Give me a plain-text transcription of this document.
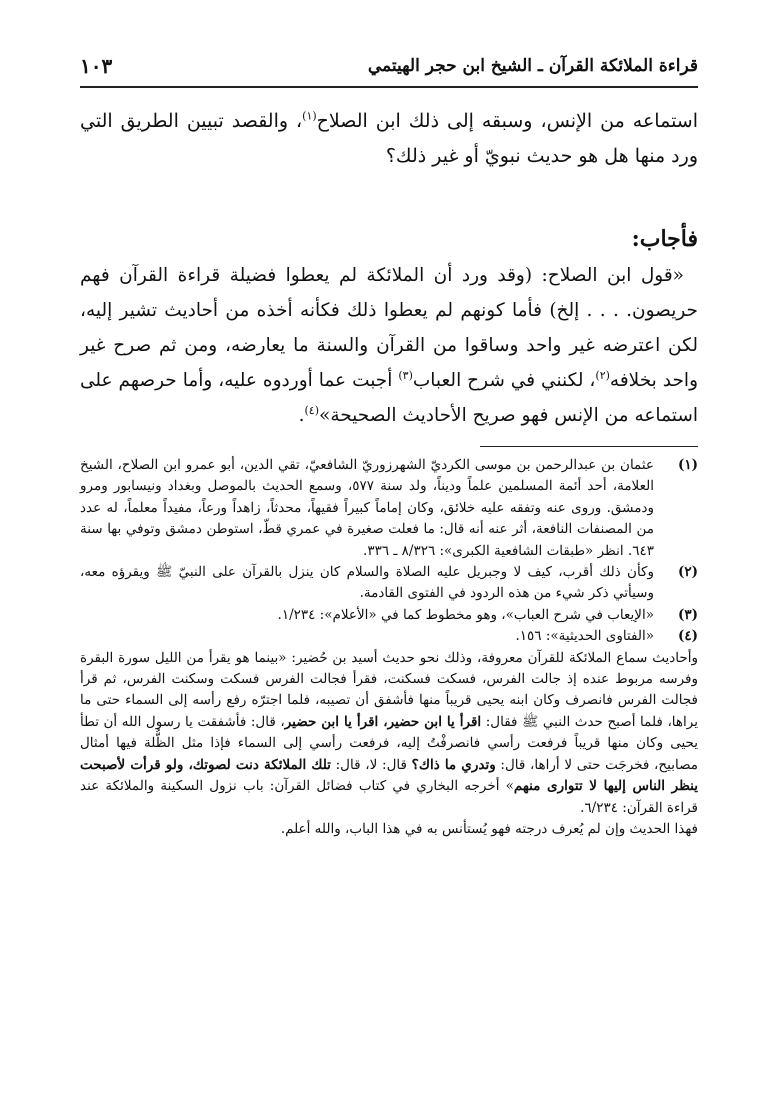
قراءة الملائكة القرآن ـ الشيخ ابن حجر الهيتمي
١٠٣

استماعه من الإنس، وسبقه إلى ذلك ابن الصلاح$^{(١)}$، والقصد تبيين الطريق التي ورد منها هل هو حديث نبويّ أو غير ذلك؟

فأجاب:

«قول ابن الصلاح: (وقد ورد أن الملائكة لم يعطوا فضيلة قراءة القرآن فهم حريصون. . . . إلخ) فأما كونهم لم يعطوا ذلك فكأنه أخذه من أحاديث تشير إليه، لكن اعترضه غير واحد وساقوا من القرآن والسنة ما يعارضه، ومن ثم صرح غير واحد بخلافه$^{(٢)}$، لكنني في شرح العباب$^{(٣)}$ أجبت عما أوردوه عليه، وأما حرصهم على استماعه من الإنس فهو صريح الأحاديث الصحيحة»$^{(٤)}$.

(١)
عثمان بن عبدالرحمن بن موسى الكرديّ الشهرزوريّ الشافعيّ، تقي الدين، أبو عمرو ابن الصلاح، الشيخ العلامة، أحد أئمة المسلمين علماً وديناً، ولد سنة ٥٧٧، وسمع الحديث بالموصل وبغداد ونيسابور ومرو ودمشق. وروى عنه وتفقه عليه خلائق، وكان إماماً كبيراً فقيهاً، محدثاً، زاهداً ورعاً، مفيداً معلماً، له عدد من المصنفات النافعة، أثر عنه أنه قال: ما فعلت صغيرة في عمري قطّ، استوطن دمشق وتوفي بها سنة ٦٤٣. انظر «طبقات الشافعية الكبرى»: ٨/٣٢٦ ـ ٣٣٦.
(٢)
وكأن ذلك أقرب، كيف لا وجبريل عليه الصلاة والسلام كان ينزل بالقرآن على النبيّ ﷺ ويقرؤه معه، وسيأتي ذكر شيء من هذه الردود في الفتوى القادمة.
(٣)
«الإيعاب في شرح العباب»، وهو مخطوط كما في «الأعلام»: ١/٢٣٤.
(٤)
«الفتاوى الحديثية»: ١٥٦.

وأحاديث سماع الملائكة للقرآن معروفة، وذلك نحو حديث أسيد بن حُضير: «بينما هو يقرأ من الليل سورة البقرة وفرسه مربوط عنده إذ جالت الفرس، فسكت فسكنت، فقرأ فجالت الفرس فسكت وسكنت الفرس، ثم قرأ فجالت الفرس فانصرف وكان ابنه يحيى قريباً منها فأشفق أن تصيبه، فلما اجترّه رفع رأسه إلى السماء حتى ما يراها، فلما أصبح حدث النبي ﷺ فقال: اقرأ يا ابن حضير، اقرأ يا ابن حضير، قال: فأشفقت يا رسول الله أن تطأ يحيى وكان منها قريباً فرفعت رأسي فانصرفْتُ إليه، فرفعت رأسي إلى السماء فإذا مثل الظُّلة فيها أمثال مصابيح، فخرجَت حتى لا أراها، قال: وتدري ما ذاك؟ قال: لا، قال: تلك الملائكة دنت لصوتك، ولو قرأت لأصبحت ينظر الناس إليها لا تتوارى منهم» أخرجه البخاري في كتاب فضائل القرآن: باب نزول السكينة والملائكة عند قراءة القرآن: ٦/٢٣٤.

فهذا الحديث وإن لم يُعرف درجته فهو يُستأنس به في هذا الباب، والله أعلم.
